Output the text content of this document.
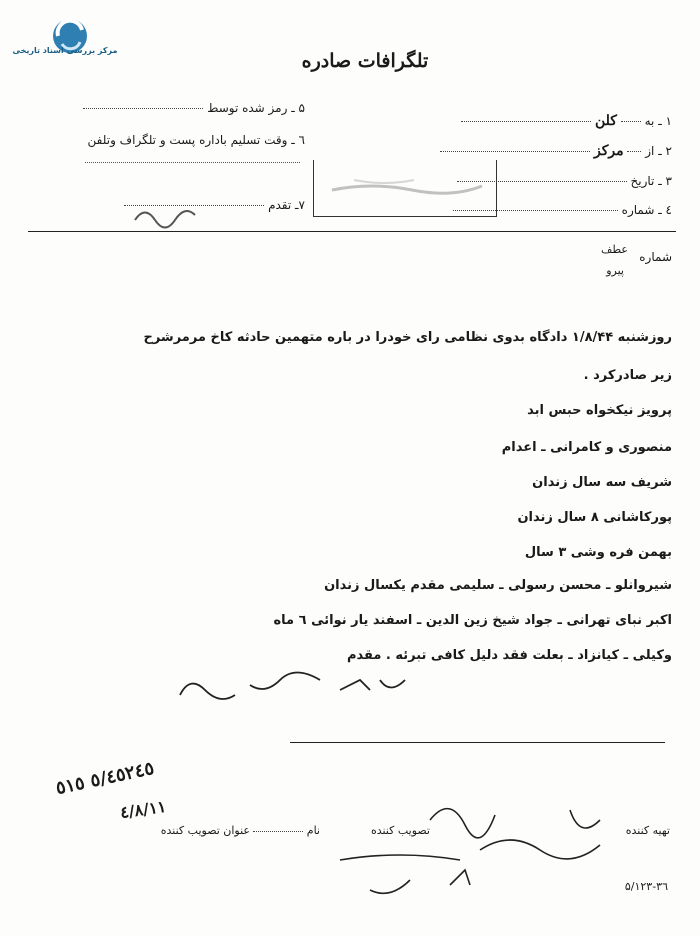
مرکز بررسی اسناد تاریخی	تلگرافات صادره
۱ ـ به  کلن
۲ ـ از  مرکز
۳ ـ تاریخ
٤ ـ شماره
۵ ـ رمز شده توسط
٦ ـ وقت تسلیم باداره پست و تلگراف وتلفن
٧ـ تقدم
شماره
عطف
پیرو
روزشنبه ۱/۸/۴۴ دادگاه بدوی نظامی رای خودرا در باره متهمین حادثه کاخ مرمرشرح
زیر صادرکرد .
پرویز نیکخواه حبس ابد
منصوری و کامرانی ـ اعدام
شریف سه سال زندان
پورکاشانی ۸ سال زندان
بهمن فره وشی ۳ سال
شیروانلو ـ محسن رسولی ـ سلیمی مقدم یکسال زندان
اکبر نبای تهرانی ـ جواد شیخ زین الدین ـ اسفند یار نوائی ٦ ماه
وکیلی ـ کیانزاد ـ بعلت فقد دلیل کافی تبرئه . مقدم
٥/٤٥٢٤٥ ٥١٥
٤/٨/١١
تهیه کننده
تصویب کننده
نام
عنوان تصویب کننده
۵/۱۲۳-۳٦
